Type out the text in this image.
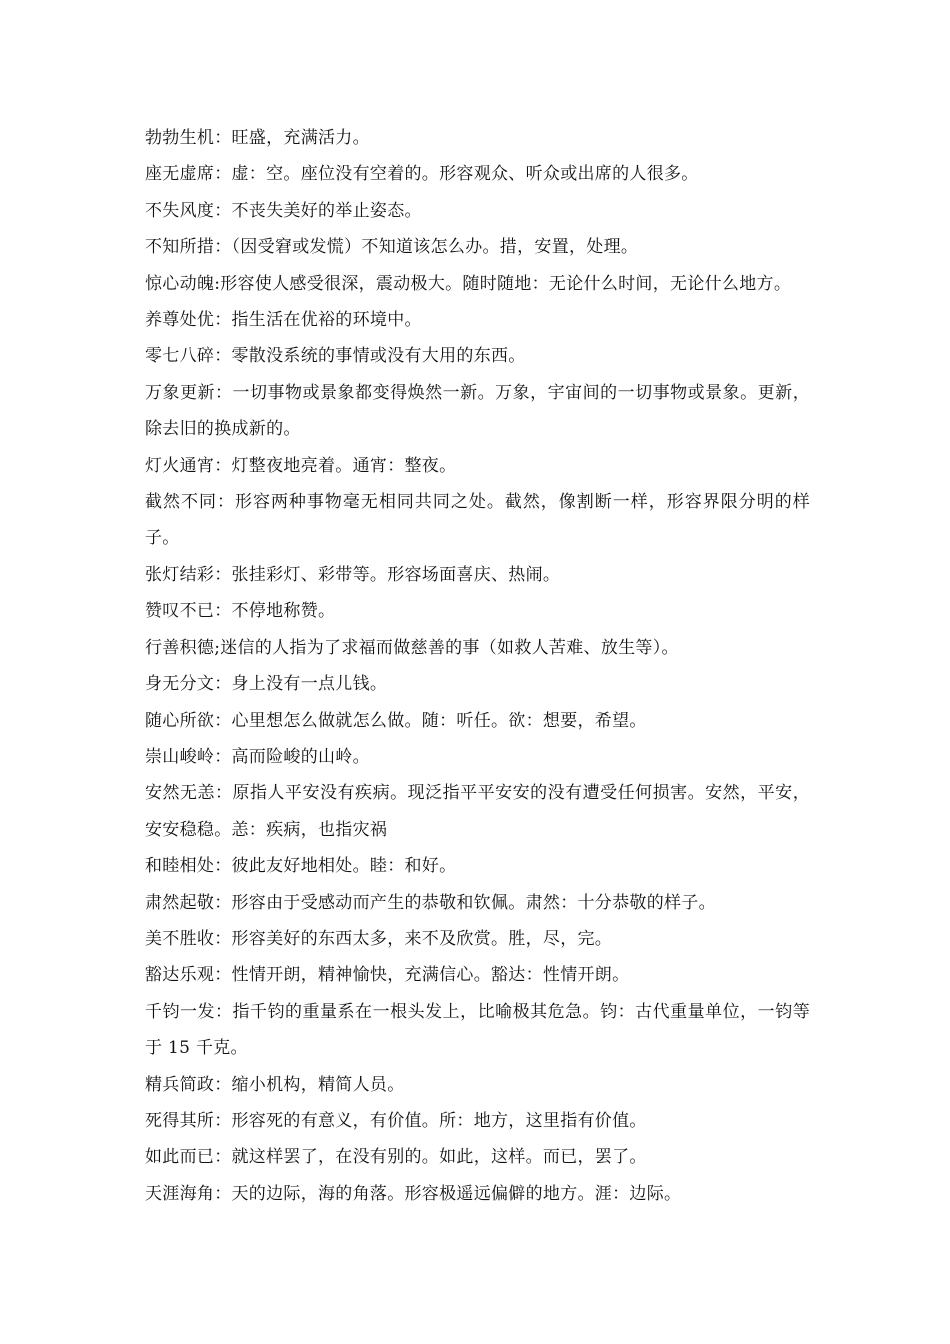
勃勃生机：旺盛，充满活力。

座无虚席：虚：空。座位没有空着的。形容观众、听众或出席的人很多。

不失风度：不丧失美好的举止姿态。

不知所措：（因受窘或发慌）不知道该怎么办。措，安置，处理。

惊心动魄:形容使人感受很深，震动极大。随时随地：无论什么时间，无论什么地方。

养尊处优：指生活在优裕的环境中。

零七八碎：零散没系统的事情或没有大用的东西。

万象更新：一切事物或景象都变得焕然一新。万象，宇宙间的一切事物或景象。更新，除去旧的换成新的。

灯火通宵：灯整夜地亮着。通宵：整夜。

截然不同：形容两种事物毫无相同共同之处。截然，像割断一样，形容界限分明的样子。

张灯结彩：张挂彩灯、彩带等。形容场面喜庆、热闹。

赞叹不已：不停地称赞。

行善积德;迷信的人指为了求福而做慈善的事（如救人苦难、放生等）。

身无分文：身上没有一点儿钱。

随心所欲：心里想怎么做就怎么做。随：听任。欲：想要，希望。

崇山峻岭：高而险峻的山岭。

安然无恙：原指人平安没有疾病。现泛指平平安安的没有遭受任何损害。安然，平安，安安稳稳。恙：疾病，也指灾祸

和睦相处：彼此友好地相处。睦：和好。

肃然起敬：形容由于受感动而产生的恭敬和钦佩。肃然：十分恭敬的样子。

美不胜收：形容美好的东西太多，来不及欣赏。胜，尽，完。

豁达乐观：性情开朗，精神愉快，充满信心。豁达：性情开朗。

千钧一发：指千钧的重量系在一根头发上，比喻极其危急。钧：古代重量单位，一钧等于 15 千克。

精兵简政：缩小机构，精简人员。

死得其所：形容死的有意义，有价值。所：地方，这里指有价值。

如此而已：就这样罢了，在没有别的。如此，这样。而已，罢了。

天涯海角：天的边际，海的角落。形容极遥远偏僻的地方。涯：边际。
